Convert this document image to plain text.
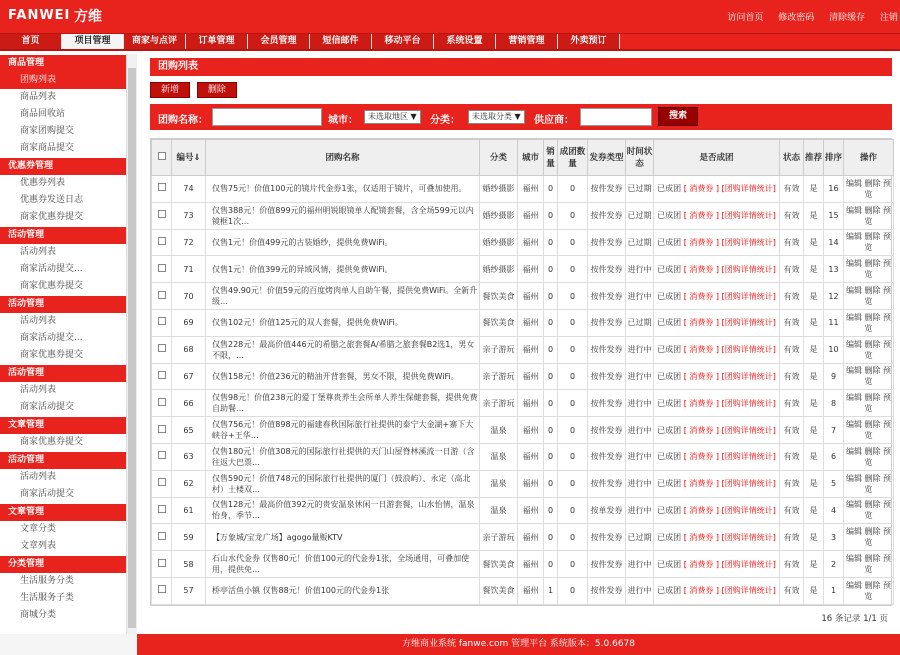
FANWEI 方维	访问首页 修改密码 清除缓存 注销
首页	项目管理	商家与点评	订单管理	会员管理	短信邮件	移动平台	系统设置	营销管理	外卖预订
商品管理
团购列表
商品列表
商品回收站
商家团购提交
商家商品提交
优惠券管理
优惠券列表
优惠券发送日志
商家优惠券提交
活动管理
活动列表
商家活动提交...
商家优惠券提交
活动管理
活动列表
商家活动提交...
商家优惠券提交
活动管理
活动列表
商家活动提交
文章管理
商家优惠券提交
活动管理
活动列表
商家活动提交
文章管理
文章分类
文章列表
分类管理
生活服务分类
生活服务子类
商城分类
团购列表
新增	删除
团购名称：	城市：	未选取地区 ▼	分类：	未选取分类 ▼	供应商：	搜索
	编号⇓	团购名称	分类	城市	销量	成团数量	发券类型	时间状态	是否成团	状态	推荐	排序	操作
	74	仅售75元！价值100元的镜片代金券1张，仅适用于镜片，可叠加使用。	婚纱摄影	福州	0	0	按件发券	已过期	已成团 [ 消费券 ] [团购详情统计]	有效	是	16	编辑 删除 预览
	73	仅售388元！价值899元的福州明锐眼镜单人配镜套餐，含全场599元以内镜框1次…	婚纱摄影	福州	0	0	按件发券	已过期	已成团 [ 消费券 ] [团购详情统计]	有效	是	15	编辑 删除 预览
	72	仅售1元！价值499元的古装婚纱，提供免费WiFi。	婚纱摄影	福州	0	0	按件发券	已过期	已成团 [ 消费券 ] [团购详情统计]	有效	是	14	编辑 删除 预览
	71	仅售1元！价值399元的异域风情，提供免费WiFi。	婚纱摄影	福州	0	0	按件发券	进行中	已成团 [ 消费券 ] [团购详情统计]	有效	是	13	编辑 删除 预览
	70	仅售49.90元！价值59元的百度烤肉单人自助午餐，提供免费WiFi。全新升级…	餐饮美食	福州	0	0	按件发券	进行中	已成团 [ 消费券 ] [团购详情统计]	有效	是	12	编辑 删除 预览
	69	仅售102元！价值125元的双人套餐，提供免费WiFi。	餐饮美食	福州	0	0	按件发券	已过期	已成团 [ 消费券 ] [团购详情统计]	有效	是	11	编辑 删除 预览
	68	仅售228元！最高价值446元的希腊之旅套餐A/希腊之旅套餐B2选1，男女不限，…	亲子游玩	福州	0	0	按件发券	进行中	已成团 [ 消费券 ] [团购详情统计]	有效	是	10	编辑 删除 预览
	67	仅售158元！价值236元的精油开背套餐，男女不限，提供免费WiFi。	亲子游玩	福州	0	0	按件发券	进行中	已成团 [ 消费券 ] [团购详情统计]	有效	是	9	编辑 删除 预览
	66	仅售98元！价值238元的爱丁堡尊贵养生会所单人养生保健套餐，提供免费自助餐…	亲子游玩	福州	0	0	按件发券	进行中	已成团 [ 消费券 ] [团购详情统计]	有效	是	8	编辑 删除 预览
	65	仅售756元！价值898元的福建春秋国际旅行社提供的泰宁大金湖+寨下大峡谷+王华…	温泉	福州	0	0	按件发券	进行中	已成团 [ 消费券 ] [团购详情统计]	有效	是	7	编辑 删除 预览
	63	仅售180元！价值308元的国际旅行社提供的天门山屋脊林溪流一日游（含往返大巴票…	温泉	福州	0	0	按件发券	进行中	已成团 [ 消费券 ] [团购详情统计]	有效	是	6	编辑 删除 预览
	62	仅售590元！价值748元的国际旅行社提供的厦门（鼓浪屿）、永定（高北村）土楼双…	温泉	福州	0	0	按件发券	进行中	已成团 [ 消费券 ] [团购详情统计]	有效	是	5	编辑 删除 预览
	61	仅售128元！最高价值392元的贵安温泉休闲一日游套餐，山水怡情，温泉怡身，季节…	温泉	福州	0	0	按单发券	进行中	已成团 [ 消费券 ] [团购详情统计]	有效	是	4	编辑 删除 预览
	59	【万象城/宝龙广场】agogo量贩KTV	亲子游玩	福州	0	0	按件发券	已过期	已成团 [ 消费券 ] [团购详情统计]	有效	是	3	编辑 删除 预览
	58	石山水代金券 仅售80元！价值100元的代金券1张，全场通用，可叠加使用，提供免…	餐饮美食	福州	0	0	按件发券	进行中	已成团 [ 消费券 ] [团购详情统计]	有效	是	2	编辑 删除 预览
	57	桥亭活鱼小镇 仅售88元！价值100元的代金券1张	餐饮美食	福州	1	0	按件发券	进行中	已成团 [ 消费券 ] [团购详情统计]	有效	是	1	编辑 删除 预览
16 条记录 1/1 页
方维商业系统 fanwe.com 管理平台 系统版本：5.0.6678
